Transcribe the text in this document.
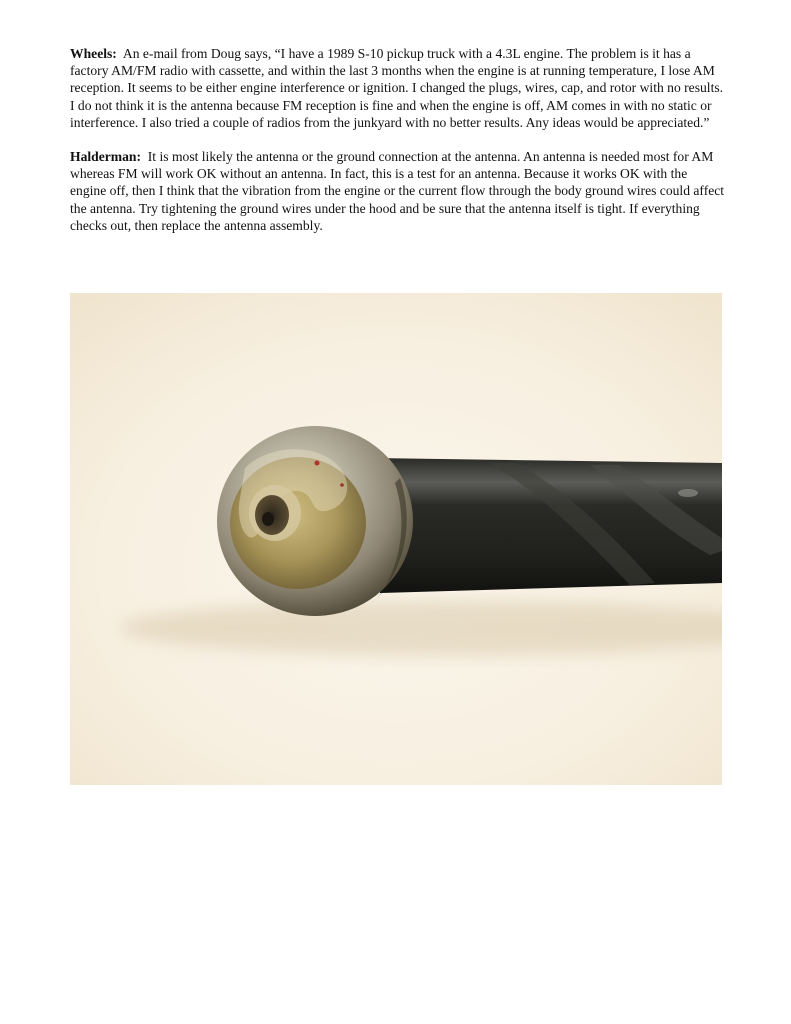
Wheels: An e-mail from Doug says, “I have a 1989 S-10 pickup truck with a 4.3L engine. The problem is it has a factory AM/FM radio with cassette, and within the last 3 months when the engine is at running temperature, I lose AM reception. It seems to be either engine interference or ignition. I changed the plugs, wires, cap, and rotor with no results. I do not think it is the antenna because FM reception is fine and when the engine is off, AM comes in with no static or interference. I also tried a couple of radios from the junkyard with no better results. Any ideas would be appreciated.”

Halderman: It is most likely the antenna or the ground connection at the antenna. An antenna is needed most for AM whereas FM will work OK without an antenna. In fact, this is a test for an antenna. Because it works OK with the engine off, then I think that the vibration from the engine or the current flow through the body ground wires could affect the antenna. Try tightening the ground wires under the hood and be sure that the antenna itself is tight. If everything checks out, then replace the antenna assembly.
